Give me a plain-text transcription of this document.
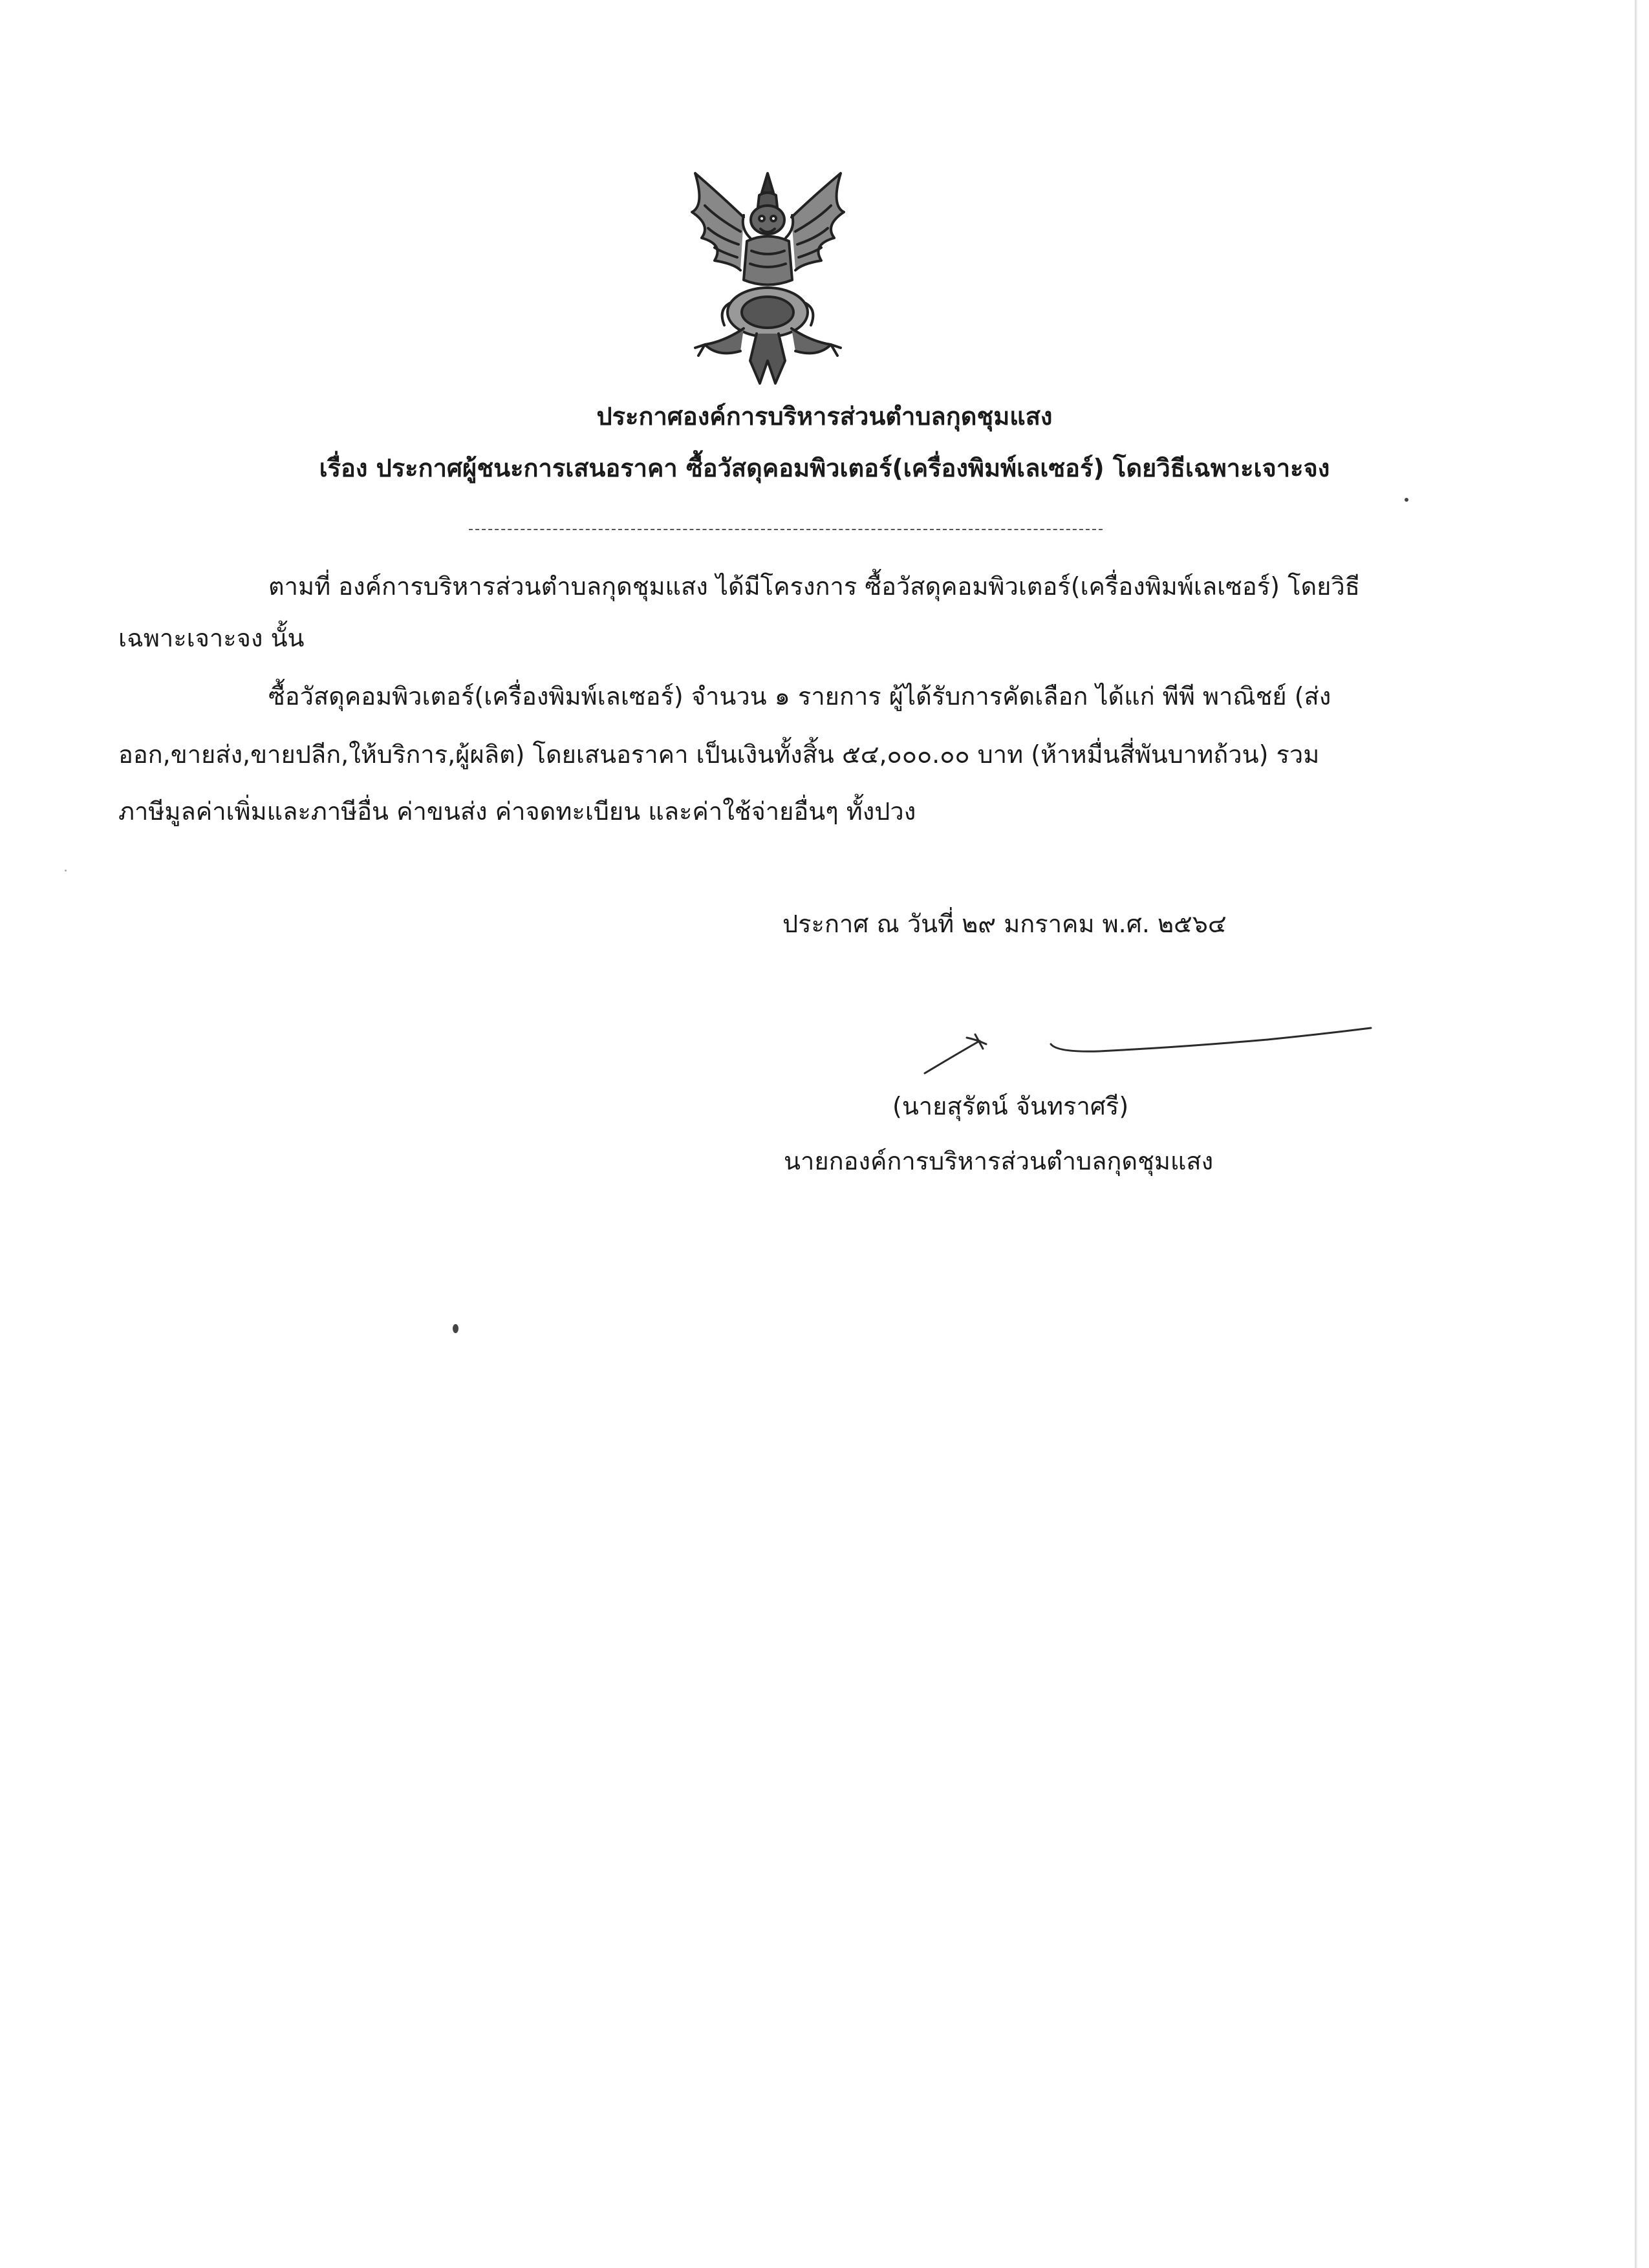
ประกาศองค์การบริหารส่วนตำบลกุดชุมแสง
เรื่อง ประกาศผู้ชนะการเสนอราคา ซื้อวัสดุคอมพิวเตอร์(เครื่องพิมพ์เลเซอร์) โดยวิธีเฉพาะเจาะจง
ตามที่ องค์การบริหารส่วนตำบลกุดชุมแสง ได้มีโครงการ ซื้อวัสดุคอมพิวเตอร์(เครื่องพิมพ์เลเซอร์) โดยวิธี
เฉพาะเจาะจง นั้น
ซื้อวัสดุคอมพิวเตอร์(เครื่องพิมพ์เลเซอร์) จำนวน ๑ รายการ ผู้ได้รับการคัดเลือก ได้แก่ พีพี พาณิชย์ (ส่ง
ออก,ขายส่ง,ขายปลีก,ให้บริการ,ผู้ผลิต) โดยเสนอราคา เป็นเงินทั้งสิ้น ๕๔,๐๐๐.๐๐ บาท (ห้าหมื่นสี่พันบาทถ้วน) รวม
ภาษีมูลค่าเพิ่มและภาษีอื่น ค่าขนส่ง ค่าจดทะเบียน และค่าใช้จ่ายอื่นๆ ทั้งปวง
ประกาศ ณ วันที่ ๒๙ มกราคม พ.ศ. ๒๕๖๔
(นายสุรัตน์ จันทราศรี)
นายกองค์การบริหารส่วนตำบลกุดชุมแสง
